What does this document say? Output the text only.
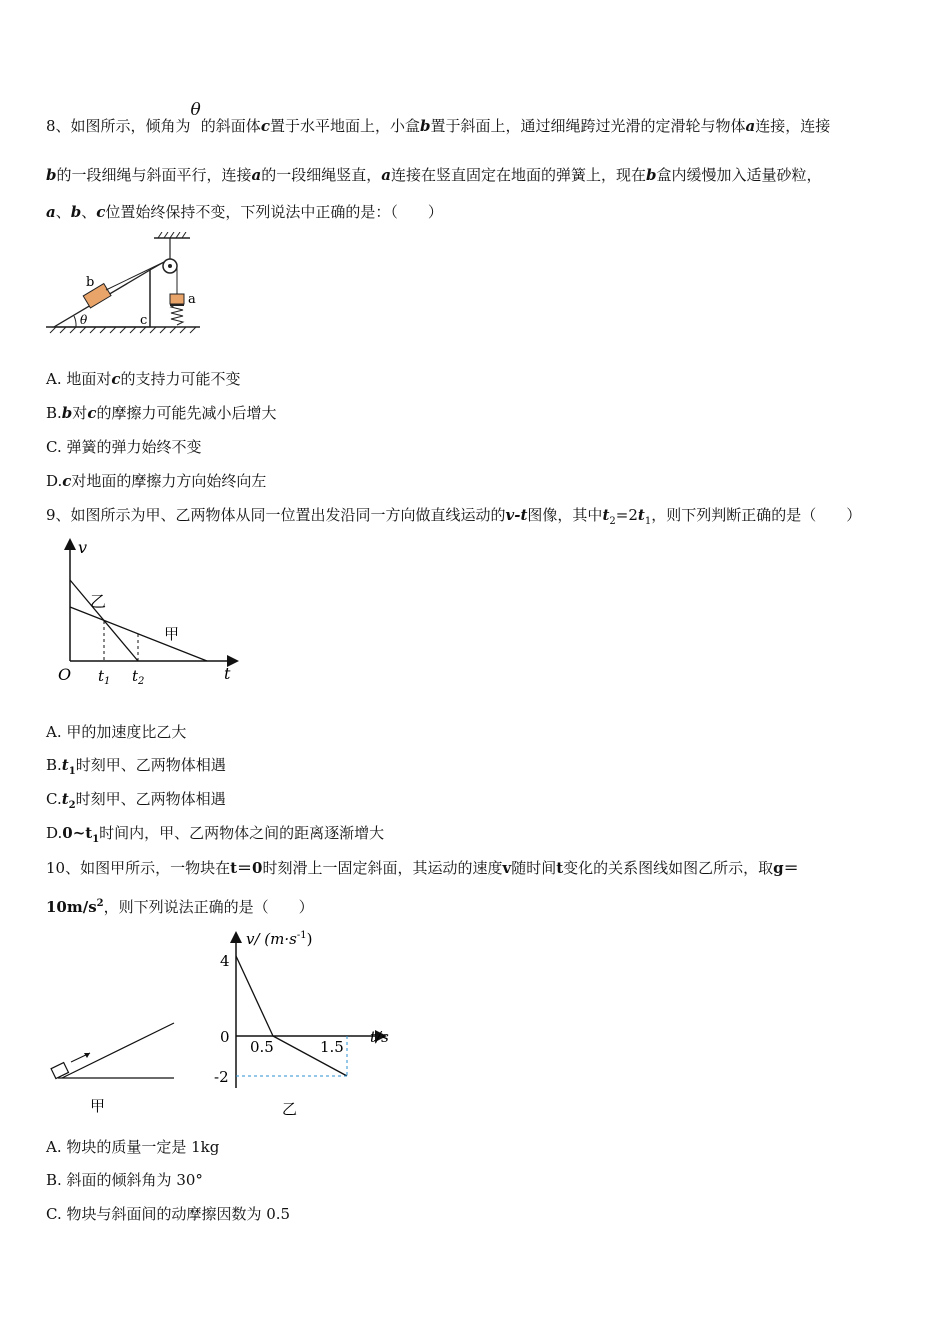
8、如图所示，倾角为θ的斜面体c置于水平地面上，小盒b置于斜面上，通过细绳跨过光滑的定滑轮与物体a连接，连接
b的一段细绳与斜面平行，连接a的一段细绳竖直，a连接在竖直固定在地面的弹簧上，现在b盒内缓慢加入适量砂粒，
a、b、c位置始终保持不变，下列说法中正确的是：（　　）
θ
b
c
a
A. 地面对c的支持力可能不变
B.b对c的摩擦力可能先减小后增大
C. 弹簧的弹力始终不变
D.c对地面的摩擦力方向始终向左
9、如图所示为甲、乙两物体从同一位置出发沿同一方向做直线运动的v-t图像，其中$t_2=2t_1$，则下列判断正确的是（　　）
v
t
O $t_1$ $t_2$
乙
甲
A. 甲的加速度比乙大
$B.t_1$时刻甲、乙两物体相遇
$C.t_2$时刻甲、乙两物体相遇
$D.0\sim t_1$时间内，甲、乙两物体之间的距离逐渐增大
10、如图甲所示，一物块在t＝0时刻滑上一固定斜面，其运动的速度v随时间t变化的关系图线如图乙所示，取g＝
$10m/s^2$，则下列说法正确的是（　　）
甲
v/ $(m\cdot s^{-1})$
t/s
4
0
-2
0.5	1.5
乙
A. 物块的质量一定是 1kg
B. 斜面的倾斜角为 30°
C. 物块与斜面间的动摩擦因数为 0.5
